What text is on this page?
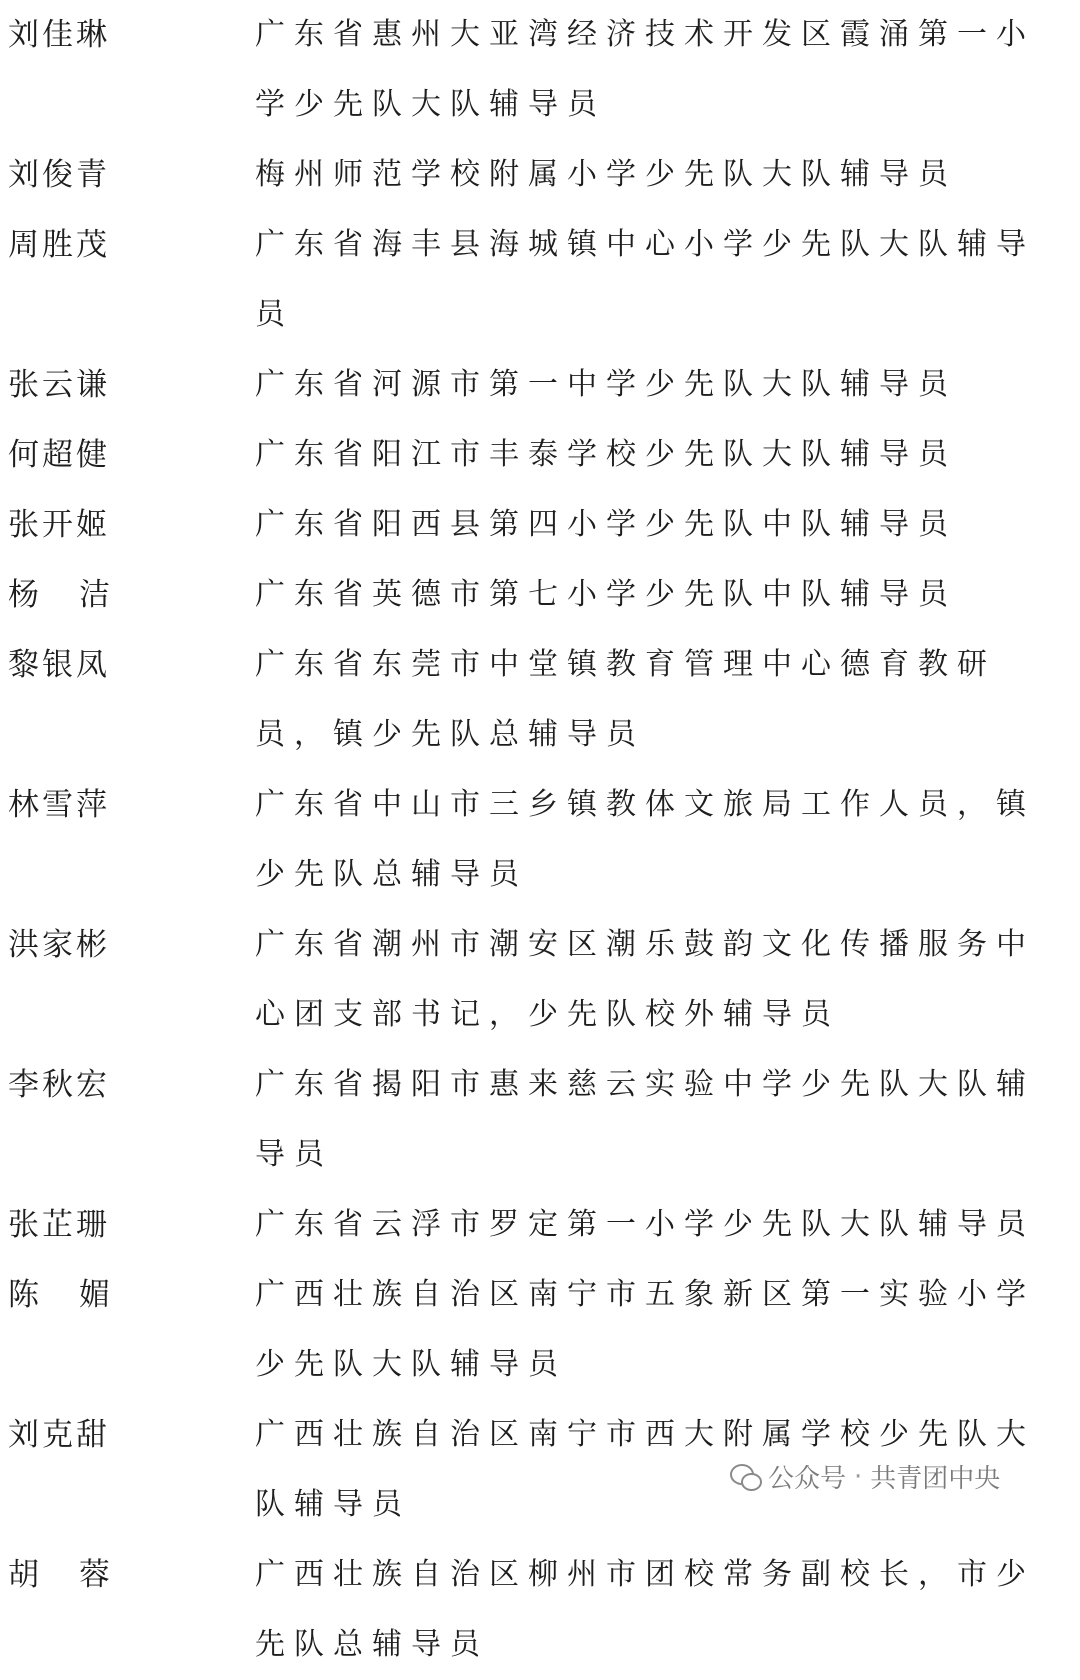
刘佳琳	广东省惠州大亚湾经济技术开发区霞涌第一小学少先队大队辅导员
刘俊青	梅州师范学校附属小学少先队大队辅导员
周胜茂	广东省海丰县海城镇中心小学少先队大队辅导员
张云谦	广东省河源市第一中学少先队大队辅导员
何超健	广东省阳江市丰泰学校少先队大队辅导员
张开姬	广东省阳西县第四小学少先队中队辅导员
杨洁	广东省英德市第七小学少先队中队辅导员
黎银凤	广东省东莞市中堂镇教育管理中心德育教研员，镇少先队总辅导员
林雪萍	广东省中山市三乡镇教体文旅局工作人员，镇少先队总辅导员
洪家彬	广东省潮州市潮安区潮乐鼓韵文化传播服务中心团支部书记，少先队校外辅导员
李秋宏	广东省揭阳市惠来慈云实验中学少先队大队辅导员
张芷珊	广东省云浮市罗定第一小学少先队大队辅导员
陈媚	广西壮族自治区南宁市五象新区第一实验小学少先队大队辅导员
刘克甜	广西壮族自治区南宁市西大附属学校少先队大队辅导员
胡蓉	广西壮族自治区柳州市团校常务副校长，市少先队总辅导员
公众号 · 共青团中央
